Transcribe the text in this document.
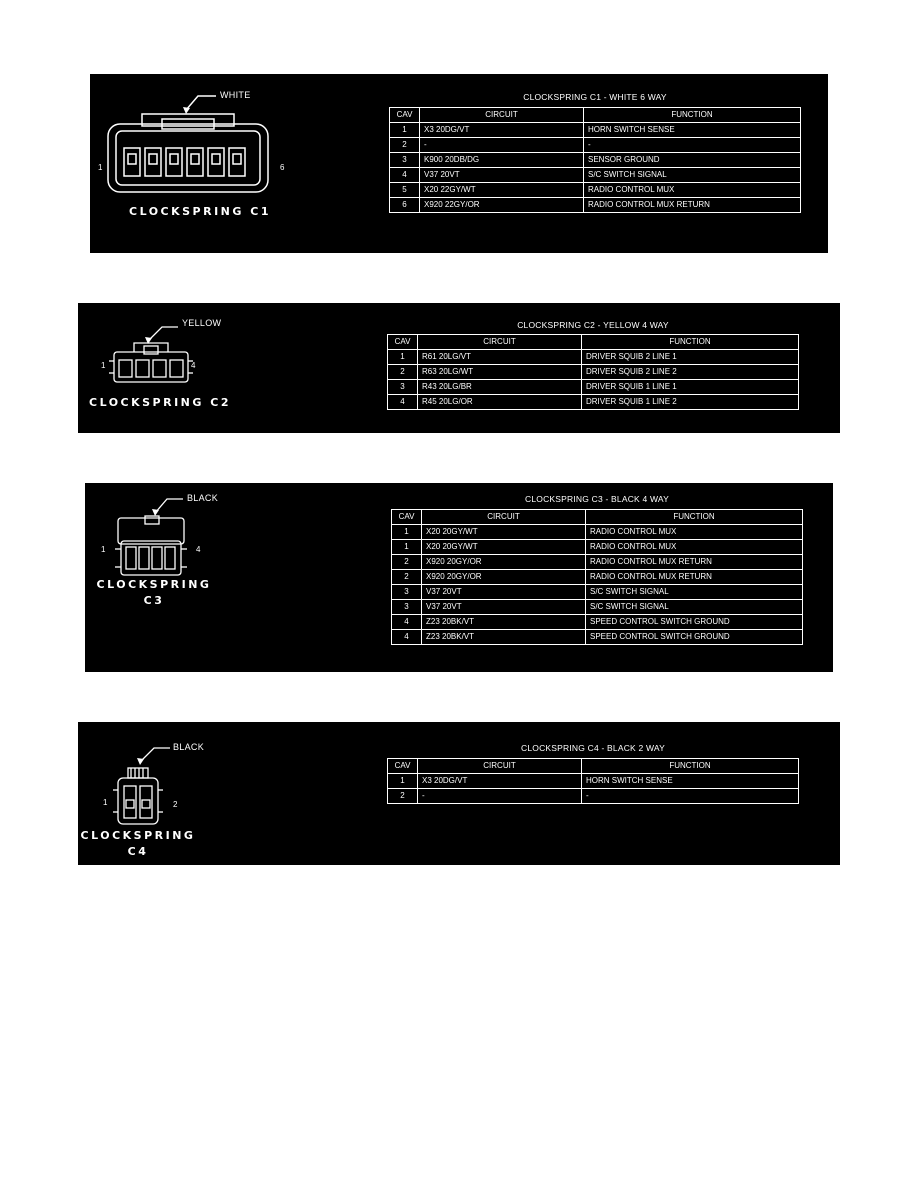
WHITE
1	6
CLOCKSPRING C1
CLOCKSPRING C1 - WHITE 6 WAY
CAV	CIRCUIT	FUNCTION
1	X3 20DG/VT	HORN SWITCH SENSE
2	-	-
3	K900 20DB/DG	SENSOR GROUND
4	V37 20VT	S/C SWITCH SIGNAL
5	X20 22GY/WT	RADIO CONTROL MUX
6	X920 22GY/OR	RADIO CONTROL MUX RETURN
YELLOW
1	4
CLOCKSPRING C2
CLOCKSPRING C2 - YELLOW 4 WAY
CAV	CIRCUIT	FUNCTION
1	R61 20LG/VT	DRIVER SQUIB 2 LINE 1
2	R63 20LG/WT	DRIVER SQUIB 2 LINE 2
3	R43 20LG/BR	DRIVER SQUIB 1 LINE 1
4	R45 20LG/OR	DRIVER SQUIB 1 LINE 2
BLACK
1	4
CLOCKSPRING
C3
CLOCKSPRING C3 - BLACK 4 WAY
CAV	CIRCUIT	FUNCTION
1	X20 20GY/WT	RADIO CONTROL MUX
1	X20 20GY/WT	RADIO CONTROL MUX
2	X920 20GY/OR	RADIO CONTROL MUX RETURN
2	X920 20GY/OR	RADIO CONTROL MUX RETURN
3	V37 20VT	S/C SWITCH SIGNAL
3	V37 20VT	S/C SWITCH SIGNAL
4	Z23 20BK/VT	SPEED CONTROL SWITCH GROUND
4	Z23 20BK/VT	SPEED CONTROL SWITCH GROUND
BLACK
1	2
CLOCKSPRING
C4
CLOCKSPRING C4 - BLACK 2 WAY
CAV	CIRCUIT	FUNCTION
1	X3 20DG/VT	HORN SWITCH SENSE
2	-	-
